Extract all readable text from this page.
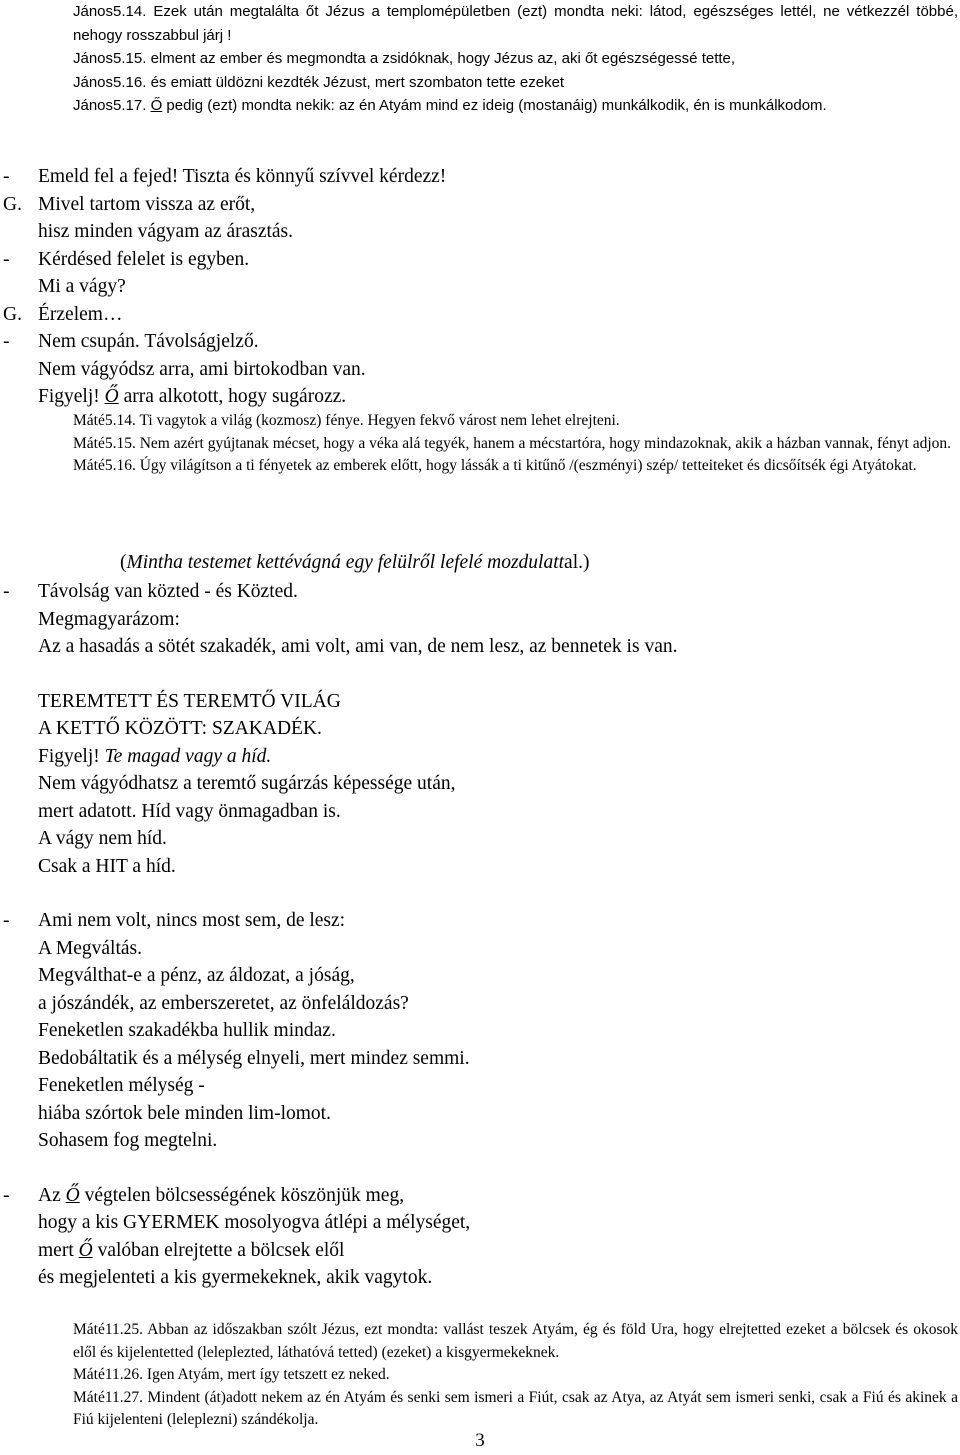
János5.14. Ezek után megtalálta őt Jézus a templomépületben (ezt) mondta neki: látod, egészséges lettél, ne vétkezzél többé, nehogy rosszabbul járj !

János5.15. elment az ember és megmondta a zsidóknak, hogy Jézus az, aki őt egészségessé tette,

János5.16. és emiatt üldözni kezdték Jézust, mert szombaton tette ezeket

János5.17. Ő pedig (ezt) mondta nekik: az én Atyám mind ez ideig (mostanáig) munkálkodik, én is munkálkodom.

- Emeld fel a fejed! Tiszta és könnyű szívvel kérdezz!
G. Mivel tartom vissza az erőt,
hisz minden vágyam az árasztás.
- Kérdésed felelet is egyben.
Mi a vágy?
G. Érzelem…
- Nem csupán. Távolságjelző.
Nem vágyódsz arra, ami birtokodban van.
Figyelj! Ő arra alkotott, hogy sugározz.

Máté5.14. Ti vagytok a világ (kozmosz) fénye. Hegyen fekvő várost nem lehet elrejteni.

Máté5.15. Nem azért gyújtanak mécset, hogy a véka alá tegyék, hanem a mécstartóra, hogy mindazoknak, akik a házban vannak, fényt adjon.

Máté5.16. Úgy világítson a ti fényetek az emberek előtt, hogy lássák a ti kitűnő /(eszményi) szép/ tetteiteket és dicsőítsék égi Atyátokat.

(Mintha testemet kettévágná egy felülről lefelé mozdulattal.)
- Távolság van közted - és Közted.
Megmagyarázom:
Az a hasadás a sötét szakadék, ami volt, ami van, de nem lesz, az bennetek is van.
TEREMTETT ÉS TEREMTŐ VILÁG
A KETTŐ KÖZÖTT: SZAKADÉK.
Figyelj! Te magad vagy a híd.
Nem vágyódhatsz a teremtő sugárzás képessége után,
mert adatott. Híd vagy önmagadban is.
A vágy nem híd.
Csak a HIT a híd.
- Ami nem volt, nincs most sem, de lesz:
A Megváltás.
Megválthat-e a pénz, az áldozat, a jóság,
a jószándék, az emberszeretet, az önfeláldozás?
Feneketlen szakadékba hullik mindaz.
Bedobáltatik és a mélység elnyeli, mert mindez semmi.
Feneketlen mélység -
hiába szórtok bele minden lim-lomot.
Sohasem fog megtelni.
- Az Ő végtelen bölcsességének köszönjük meg,
hogy a kis GYERMEK mosolyogva átlépi a mélységet,
mert Ő valóban elrejtette a bölcsek elől
és megjelenteti a kis gyermekeknek, akik vagytok.

Máté11.25. Abban az időszakban szólt Jézus, ezt mondta: vallást teszek Atyám, ég és föld Ura, hogy elrejtetted ezeket a bölcsek és okosok elől és kijelentetted (leleplezted, láthatóvá tetted) (ezeket) a kisgyermekeknek.

Máté11.26. Igen Atyám, mert így tetszett ez neked.

Máté11.27. Mindent (át)adott nekem az én Atyám és senki sem ismeri a Fiút, csak az Atya, az Atyát sem ismeri senki, csak a Fiú és akinek a Fiú kijelenteni (leleplezni) szándékolja.

3
